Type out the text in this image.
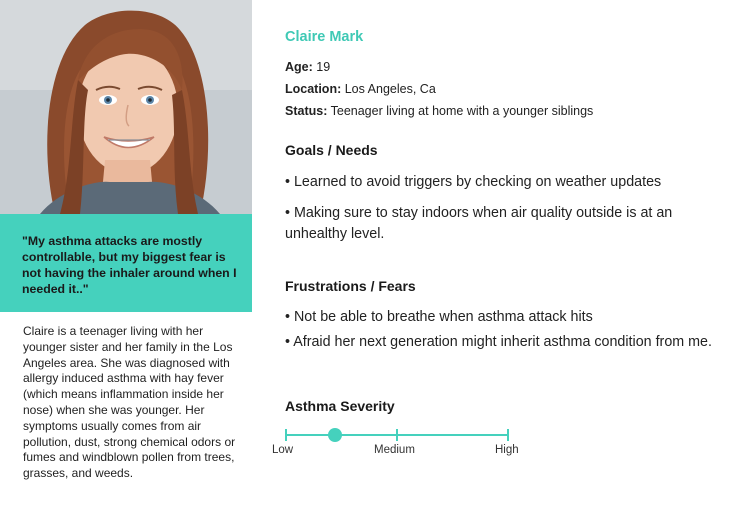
"My asthma attacks are mostly controllable, but my biggest fear is not having the inhaler around when I needed it.."

Claire is a teenager living with her younger sister and her family in the Los Angeles area. She was diagnosed with allergy induced asthma with hay fever (which means inflammation inside her nose) when she was younger. Her symptoms usually comes from air pollution, dust, strong chemical odors or fumes and windblown pollen from trees, grasses, and weeds.

Claire Mark
Age: 19
Location: Los Angeles, Ca
Status: Teenager living at home with a younger siblings
Goals / Needs

• Learned to avoid triggers by checking on weather updates

• Making sure to stay indoors when air quality outside is at an unhealthy level.

Frustrations / Fears

• Not be able to breathe when asthma attack hits

• Afraid her next generation might inherit asthma condition from me.

Asthma Severity
Low	Medium	High
